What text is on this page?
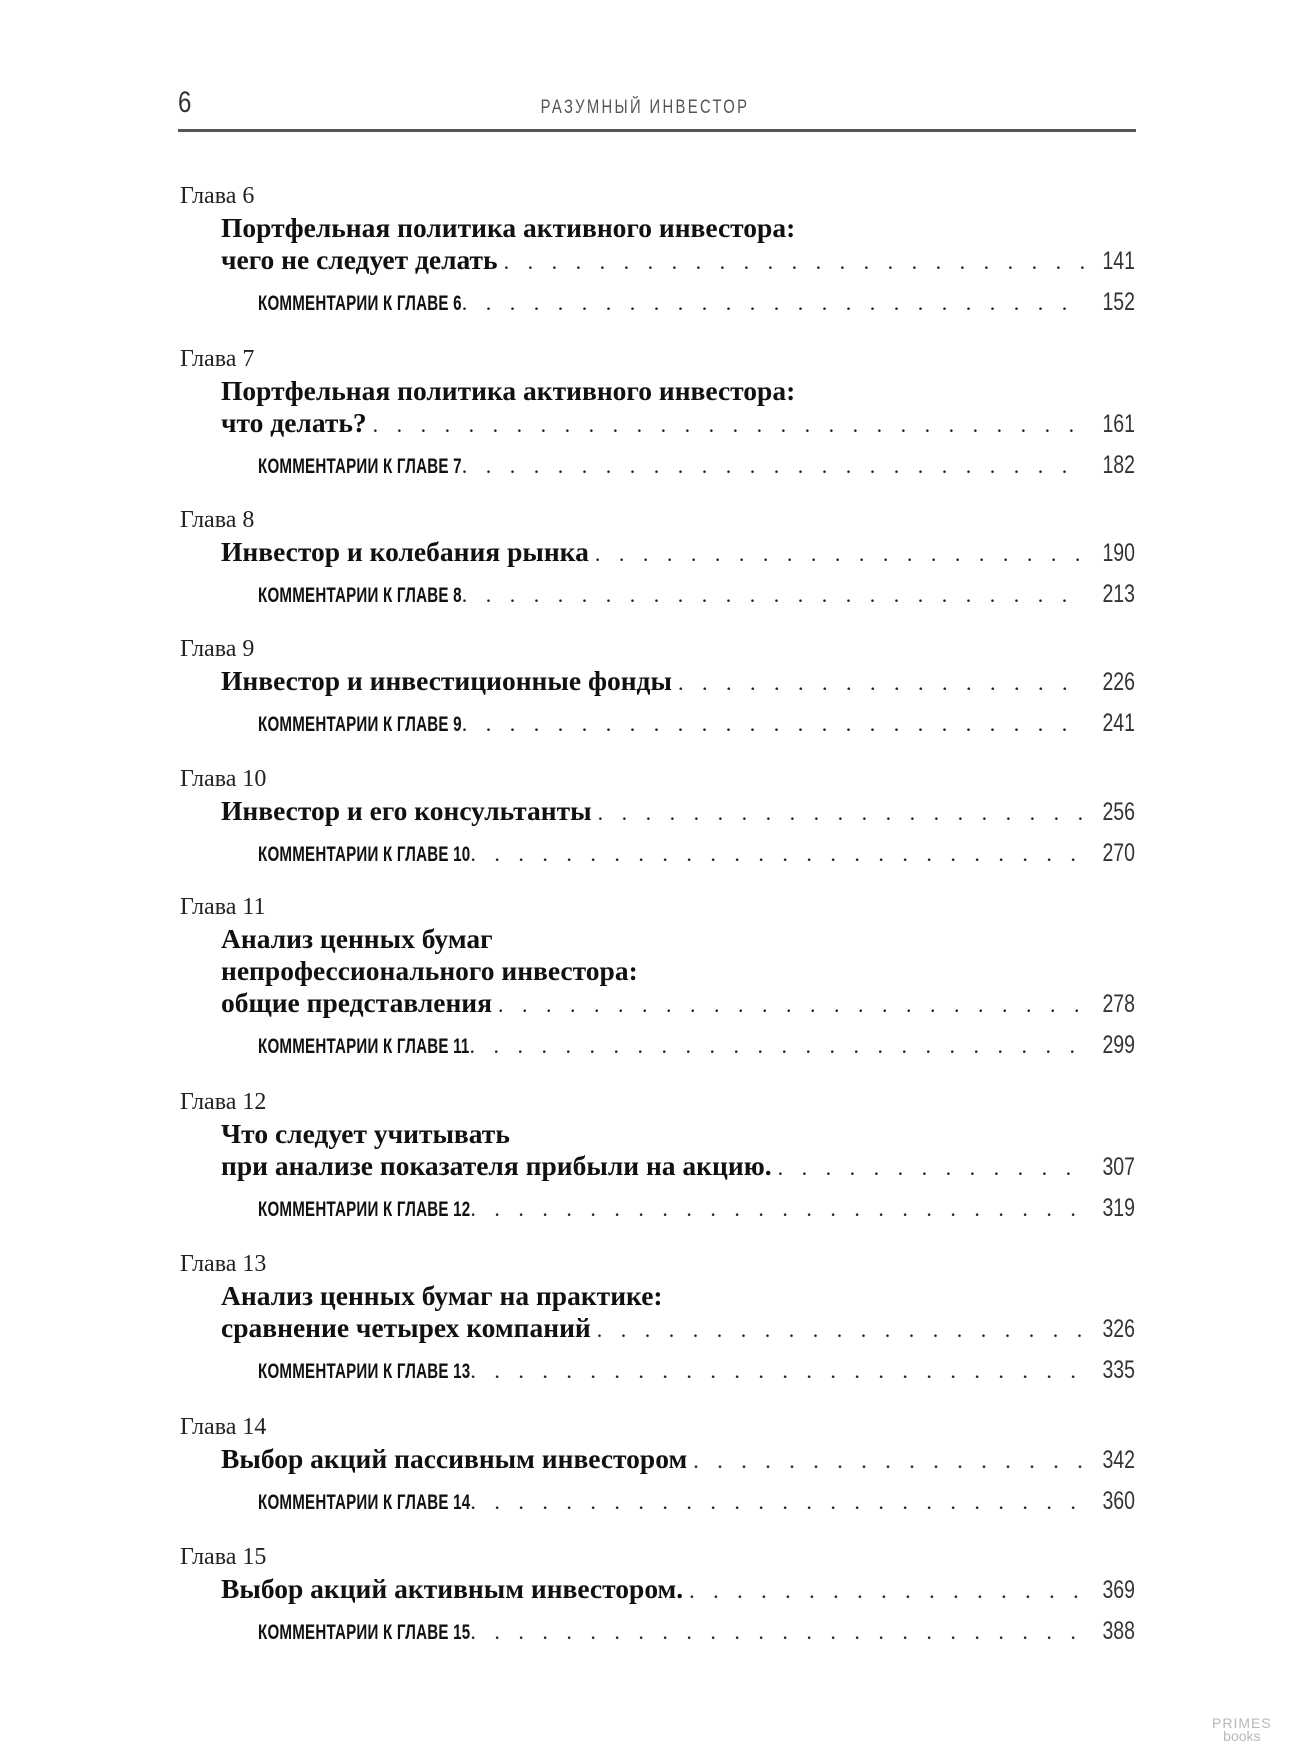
6	РАЗУМНЫЙ ИНВЕСТОР
Глава 6
Портфельная политика активного инвестора:
чего не следует делать . . .	141
КОММЕНТАРИИ К ГЛАВЕ 6 . . .	152
Глава 7
Портфельная политика активного инвестора:
что делать? . . .	161
КОММЕНТАРИИ К ГЛАВЕ 7 . . .	182
Глава 8
Инвестор и колебания рынка . . .	190
КОММЕНТАРИИ К ГЛАВЕ 8 . . .	213
Глава 9
Инвестор и инвестиционные фонды . . .	226
КОММЕНТАРИИ К ГЛАВЕ 9 . . .	241
Глава 10
Инвестор и его консультанты . . .	256
КОММЕНТАРИИ К ГЛАВЕ 10 . . .	270
Глава 11
Анализ ценных бумаг
непрофессионального инвестора:
общие представления . . .	278
КОММЕНТАРИИ К ГЛАВЕ 11 . . .	299
Глава 12
Что следует учитывать
при анализе показателя прибыли на акцию. . . .	307
КОММЕНТАРИИ К ГЛАВЕ 12 . . .	319
Глава 13
Анализ ценных бумаг на практике:
сравнение четырех компаний . . .	326
КОММЕНТАРИИ К ГЛАВЕ 13 . . .	335
Глава 14
Выбор акций пассивным инвестором . . .	342
КОММЕНТАРИИ К ГЛАВЕ 14 . . .	360
Глава 15
Выбор акций активным инвестором. . . .	369
КОММЕНТАРИИ К ГЛАВЕ 15 . . .	388
PRIMES
books
